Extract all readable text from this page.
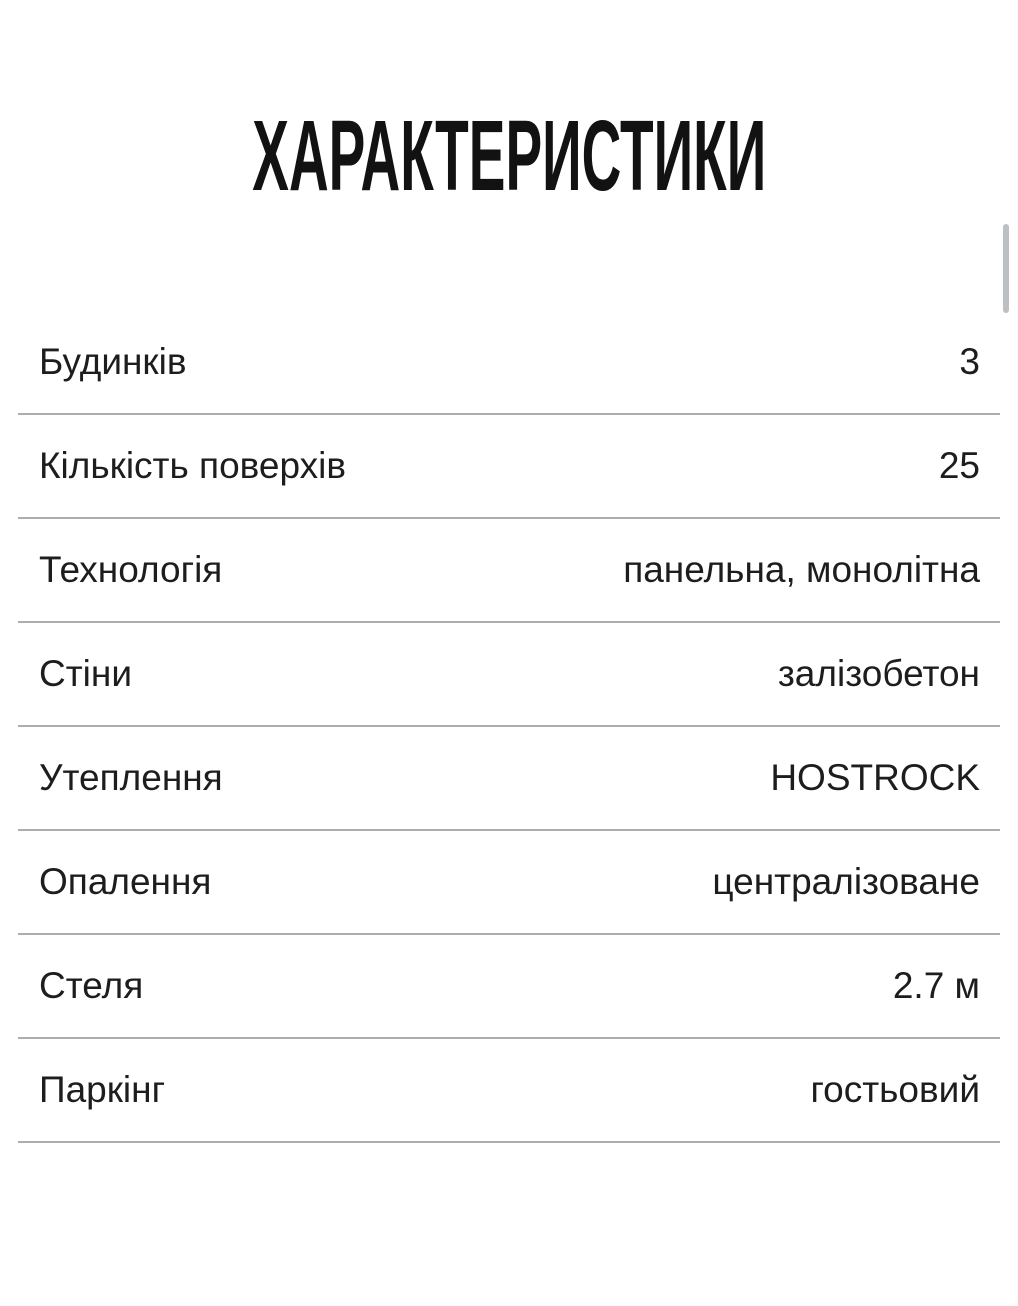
ХАРАКТЕРИСТИКИ
Будинків	3
Кількість поверхів	25
Технологія	панельна, монолітна
Стіни	залізобетон
Утеплення	HOSTROCK
Опалення	централізоване
Стеля	2.7 м
Паркінг	гостьовий
